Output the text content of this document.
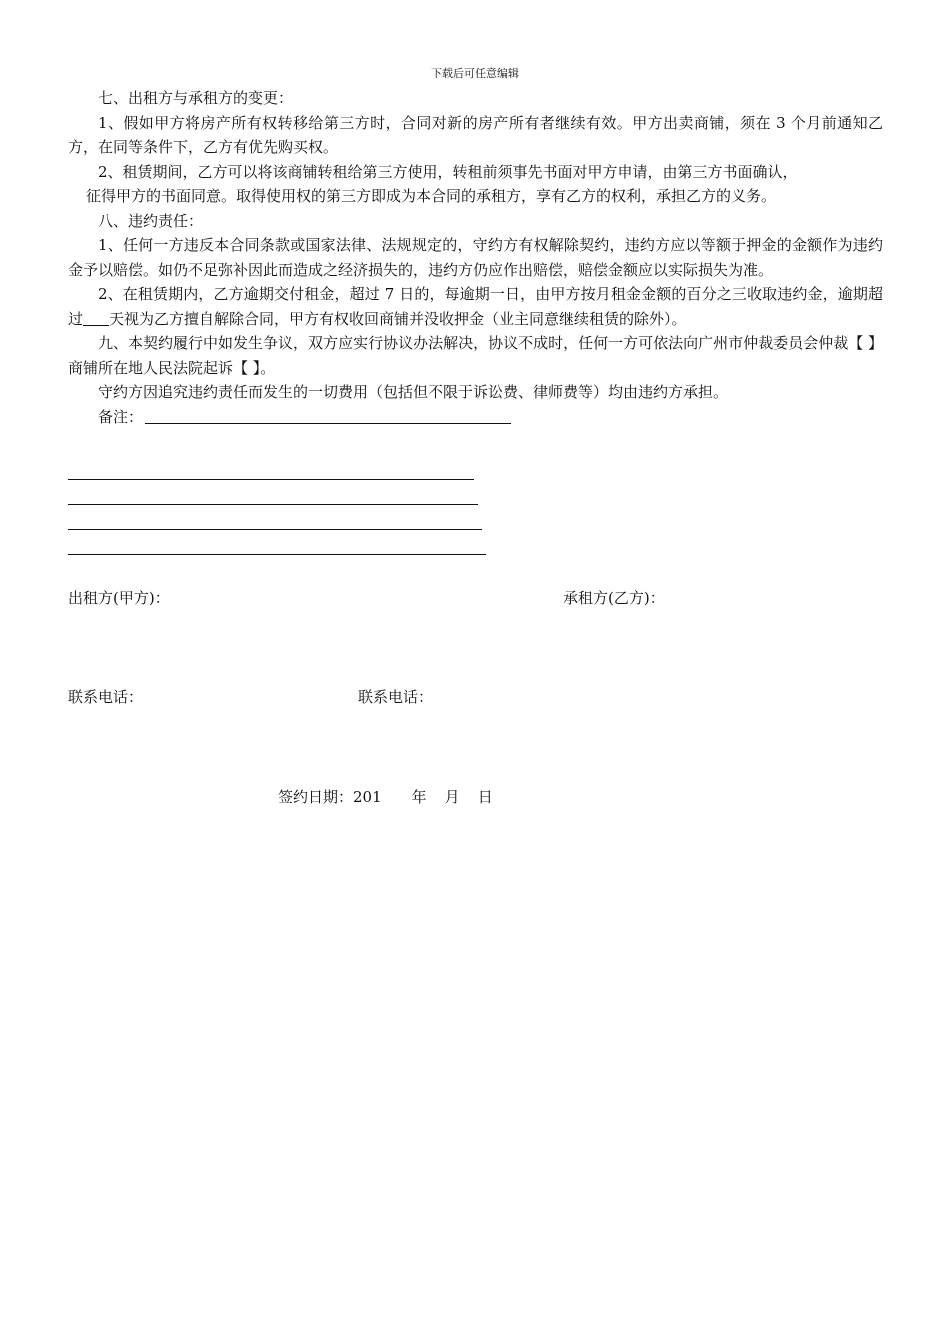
下载后可任意编辑

七、出租方与承租方的变更：

1、假如甲方将房产所有权转移给第三方时，合同对新的房产所有者继续有效。甲方出卖商铺，须在 3 个月前通知乙方，在同等条件下，乙方有优先购买权。

2、租赁期间，乙方可以将该商铺转租给第三方使用，转租前须事先书面对甲方申请，由第三方书面确认，

征得甲方的书面同意。取得使用权的第三方即成为本合同的承租方，享有乙方的权利，承担乙方的义务。

八、违约责任：

1、任何一方违反本合同条款或国家法律、法规规定的，守约方有权解除契约，违约方应以等额于押金的金额作为违约金予以赔偿。如仍不足弥补因此而造成之经济损失的，违约方仍应作出赔偿，赔偿金额应以实际损失为准。

2、在租赁期内，乙方逾期交付租金，超过 7 日的，每逾期一日，由甲方按月租金金额的百分之三收取违约金，逾期超过 天视为乙方擅自解除合同，甲方有权收回商铺并没收押金（业主同意继续租赁的除外）。

九、本契约履行中如发生争议，双方应实行协议办法解决，协议不成时，任何一方可依法向广州市仲裁委员会仲裁【 】商铺所在地人民法院起诉【 】。

守约方因追究违约责任而发生的一切费用（包括但不限于诉讼费、律师费等）均由违约方承担。

备注：

出租方(甲方)：	承租方(乙方)：
联系电话：	联系电话：
签约日期：201 年 月 日
